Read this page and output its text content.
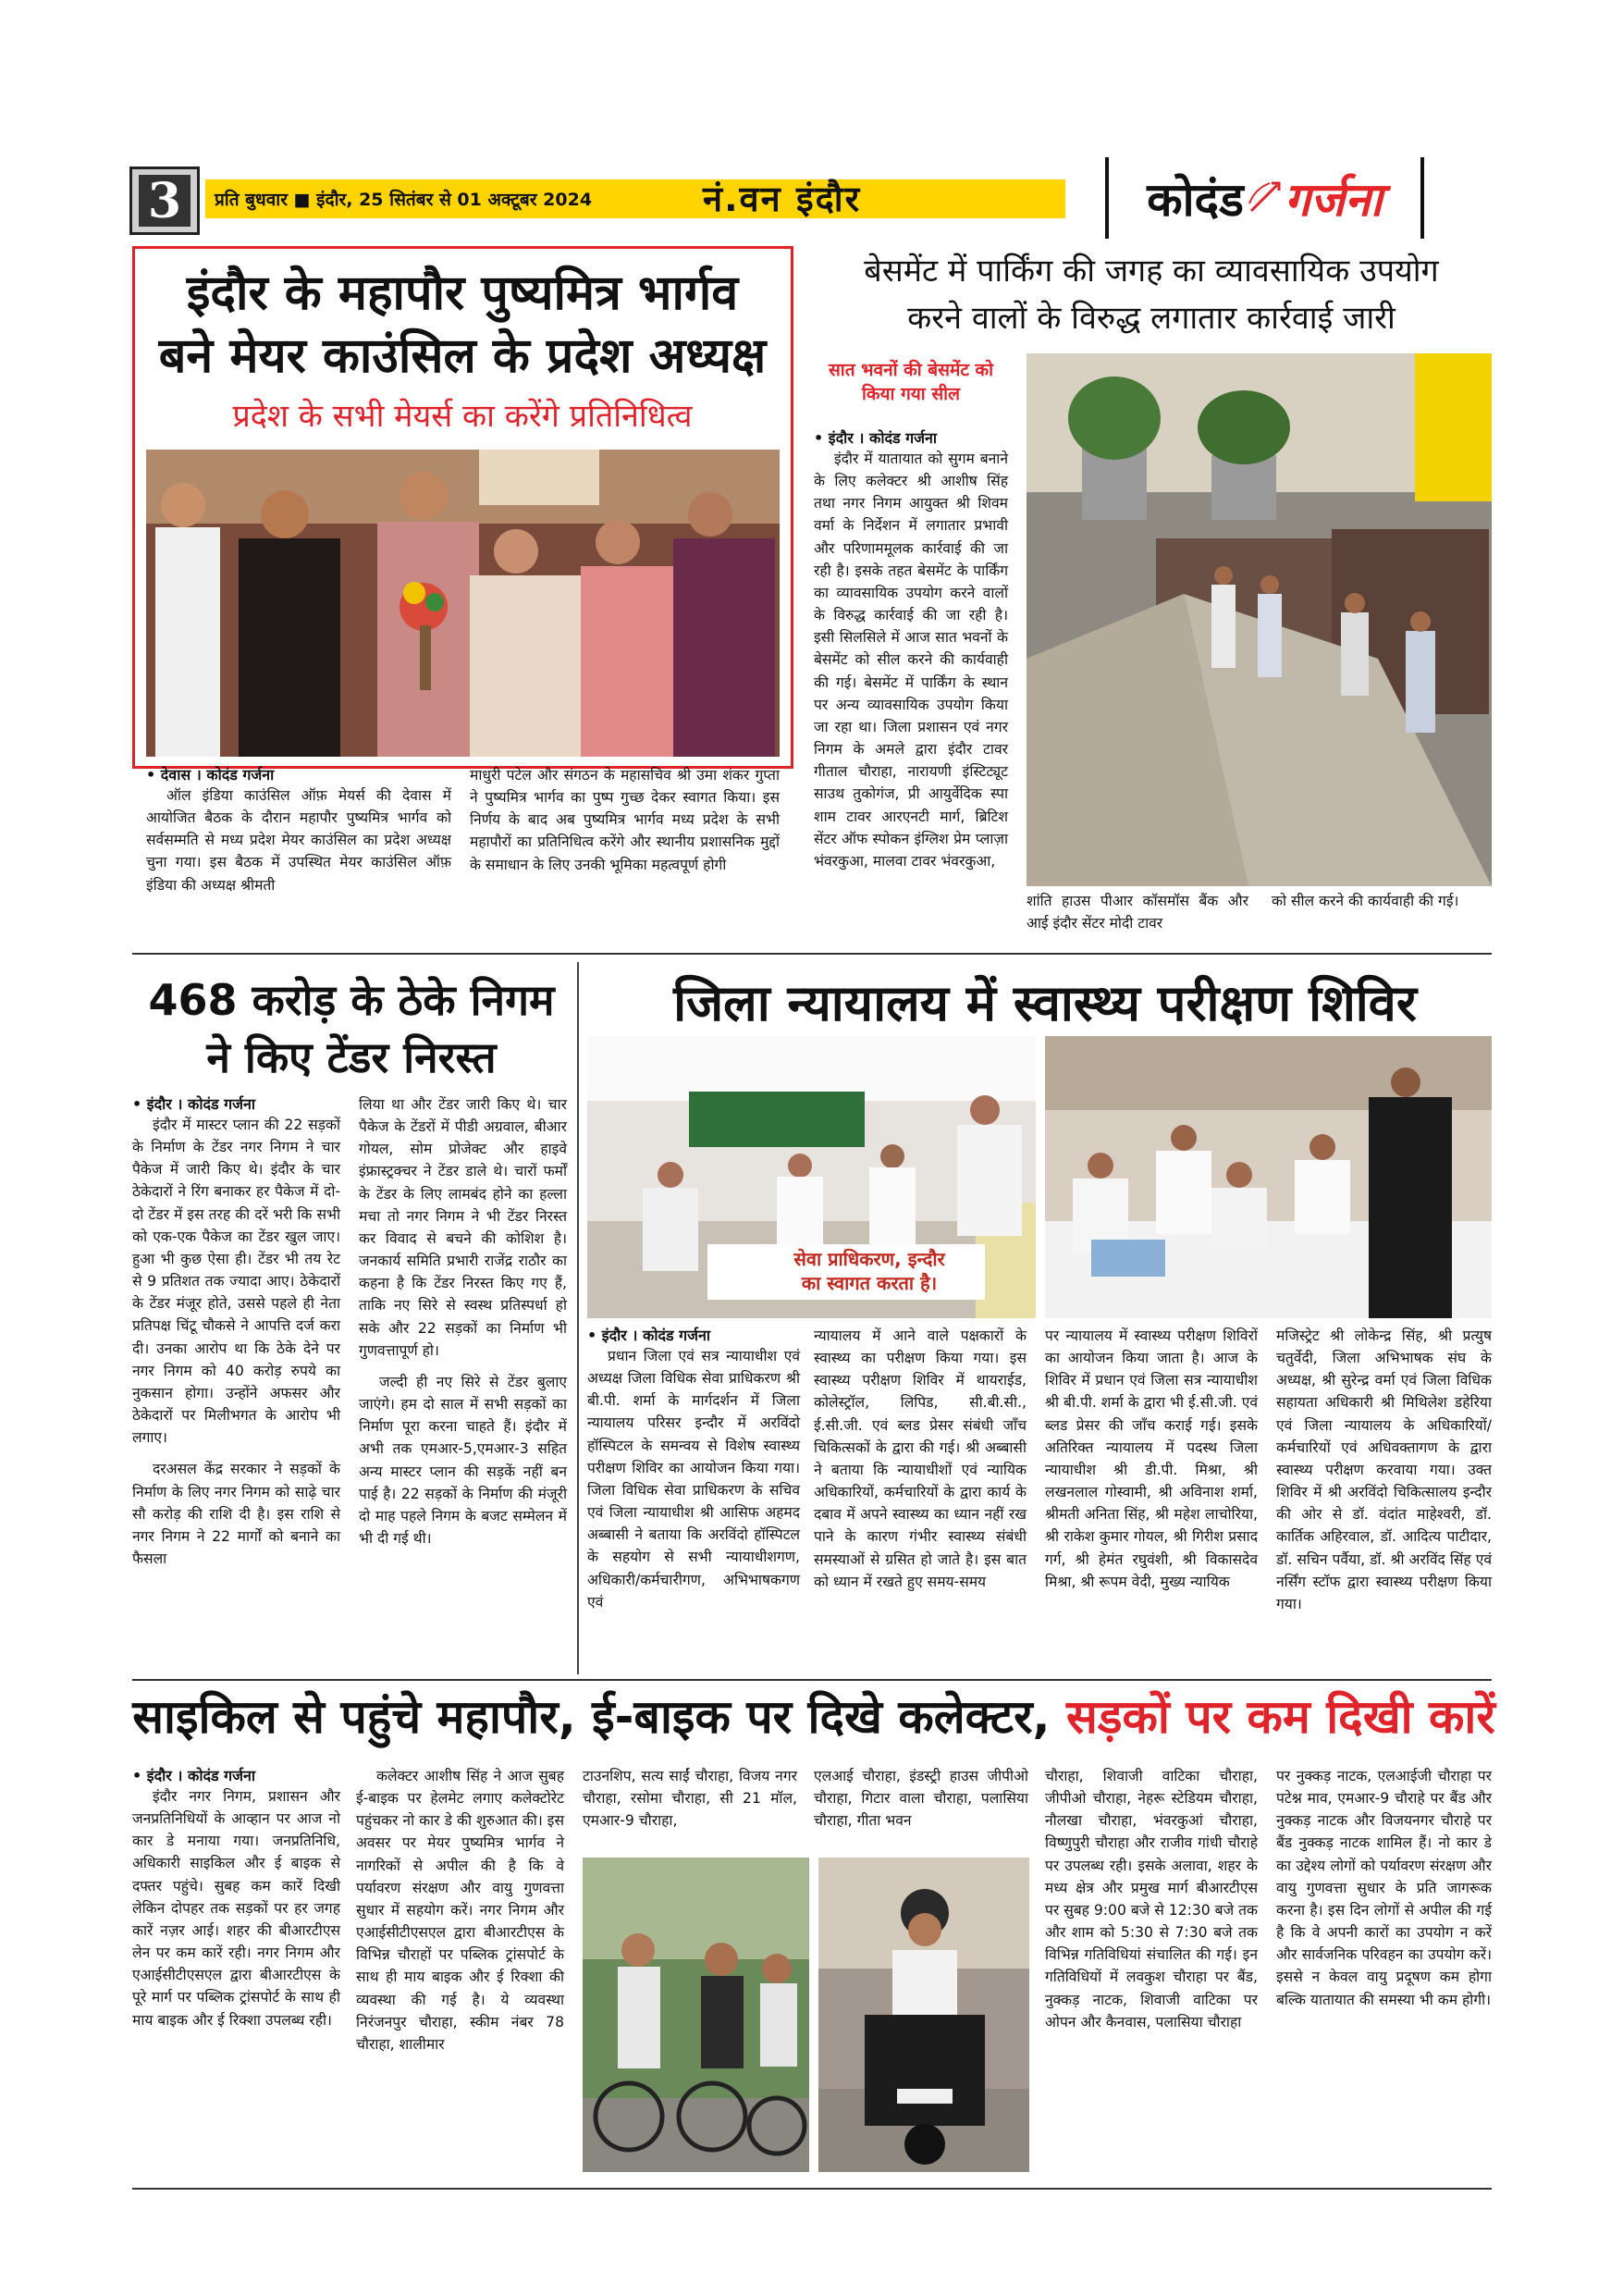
3	प्रति बुधवार ■ इंदौर, 25 सितंबर से 01 अक्टूबर 2024	नं.वन इंदौर	कोदंड गर्जना
इंदौर के महापौर पुष्यमित्र भार्गव
बने मेयर काउंसिल के प्रदेश अध्यक्ष
प्रदेश के सभी मेयर्स का करेंगे प्रतिनिधित्व
• देवास । कोदंड गर्जना

ऑल इंडिया काउंसिल ऑफ़ मेयर्स की देवास में आयोजित बैठक के दौरान महापौर पुष्यमित्र भार्गव को सर्वसम्मति से मध्य प्रदेश मेयर काउंसिल का प्रदेश अध्यक्ष चुना गया। इस बैठक में उपस्थित मेयर काउंसिल ऑफ़ इंडिया की अध्यक्ष श्रीमती

माधुरी पटेल और संगठन के महासचिव श्री उमा शंकर गुप्ता ने पुष्यमित्र भार्गव का पुष्प गुच्छ देकर स्वागत किया। इस निर्णय के बाद अब पुष्यमित्र भार्गव मध्य प्रदेश के सभी महापौरों का प्रतिनिधित्व करेंगे और स्थानीय प्रशासनिक मुद्दों के समाधान के लिए उनकी भूमिका महत्वपूर्ण होगी

बेसमेंट में पार्किंग की जगह का व्यावसायिक उपयोग
करने वालों के विरुद्ध लगातार कार्रवाई जारी
सात भवनों की बेसमेंट को किया गया सील
• इंदौर । कोदंड गर्जना

इंदौर में यातायात को सुगम बनाने के लिए कलेक्टर श्री आशीष सिंह तथा नगर निगम आयुक्त श्री शिवम वर्मा के निर्देशन में लगातार प्रभावी और परिणाममूलक कार्रवाई की जा रही है। इसके तहत बेसमेंट के पार्किंग का व्यावसायिक उपयोग करने वालों के विरुद्ध कार्रवाई की जा रही है। इसी सिलसिले में आज सात भवनों के बेसमेंट को सील करने की कार्यवाही की गई। बेसमेंट में पार्किंग के स्थान पर अन्य व्यावसायिक उपयोग किया जा रहा था। जिला प्रशासन एवं नगर निगम के अमले द्वारा इंदौर टावर गीताल चौराहा, नारायणी इंस्टिट्यूट साउथ तुकोगंज, प्री आयुर्वेदिक स्पा शाम टावर आरएनटी मार्ग, ब्रिटिश सेंटर ऑफ स्पोकन इंग्लिश प्रेम प्लाज़ा भंवरकुआ, मालवा टावर भंवरकुआ,

शांति हाउस पीआर कॉसमॉस बैंक और आई इंदौर सेंटर मोदी टावर

को सील करने की कार्यवाही की गई।

468 करोड़ के ठेके निगम
ने किए टेंडर निरस्त
• इंदौर । कोदंड गर्जना

इंदौर में मास्टर प्लान की 22 सड़कों के निर्माण के टेंडर नगर निगम ने चार पैकेज में जारी किए थे। इंदौर के चार ठेकेदारों ने रिंग बनाकर हर पैकेज में दो-दो टेंडर में इस तरह की दरें भरी कि सभी को एक-एक पैकेज का टेंडर खुल जाए। हुआ भी कुछ ऐसा ही। टेंडर भी तय रेट से 9 प्रतिशत तक ज्यादा आए। ठेकेदारों के टेंडर मंजूर होते, उससे पहले ही नेता प्रतिपक्ष चिंटू चौकसे ने आपत्ति दर्ज करा दी। उनका आरोप था कि ठेके देने पर नगर निगम को 40 करोड़ रुपये का नुकसान होगा। उन्होंने अफसर और ठेकेदारों पर मिलीभगत के आरोप भी लगाए।

दरअसल केंद्र सरकार ने सड़कों के निर्माण के लिए नगर निगम को साढ़े चार सौ करोड़ की राशि दी है। इस राशि से नगर निगम ने 22 मार्गों को बनाने का फैसला

लिया था और टेंडर जारी किए थे। चार पैकेज के टेंडरों में पीडी अग्रवाल, बीआर गोयल, सोम प्रोजेक्ट और हाइवे इंफ्रास्ट्रक्चर ने टेंडर डाले थे। चारों फर्मों के टेंडर के लिए लामबंद होने का हल्ला मचा तो नगर निगम ने भी टेंडर निरस्त कर विवाद से बचने की कोशिश है। जनकार्य समिति प्रभारी राजेंद्र राठौर का कहना है कि टेंडर निरस्त किए गए हैं, ताकि नए सिरे से स्वस्थ प्रतिस्पर्धा हो सके और 22 सड़कों का निर्माण भी गुणवत्तापूर्ण हो।

जल्दी ही नए सिरे से टेंडर बुलाए जाएंगे। हम दो साल में सभी सड़कों का निर्माण पूरा करना चाहते हैं। इंदौर में अभी तक एमआर-5,एमआर-3 सहित अन्य मास्टर प्लान की सड़कें नहीं बन पाई है। 22 सड़कों के निर्माण की मंजूरी दो माह पहले निगम के बजट सम्मेलन में भी दी गई थी।

जिला न्यायालय में स्वास्थ्य परीक्षण शिविर
सेवा प्राधिकरण, इन्दौर
का स्वागत करता है।
• इंदौर । कोदंड गर्जना

प्रधान जिला एवं सत्र न्यायाधीश एवं अध्यक्ष जिला विधिक सेवा प्राधिकरण श्री बी.पी. शर्मा के मार्गदर्शन में जिला न्यायालय परिसर इन्दौर में अरविंदो हॉस्पिटल के समन्वय से विशेष स्वास्थ्य परीक्षण शिविर का आयोजन किया गया। जिला विधिक सेवा प्राधिकरण के सचिव एवं जिला न्यायाधीश श्री आसिफ अहमद अब्बासी ने बताया कि अरविंदो हॉस्पिटल के सहयोग से सभी न्यायाधीशगण, अधिकारी/कर्मचारीगण, अभिभाषकगण एवं

न्यायालय में आने वाले पक्षकारों के स्वास्थ्य का परीक्षण किया गया। इस स्वास्थ्य परीक्षण शिविर में थायराईड, कोलेस्ट्रॉल, लिपिड, सी.बी.सी., ई.सी.जी. एवं ब्लड प्रेसर संबंधी जाँच चिकित्सकों के द्वारा की गई। श्री अब्बासी ने बताया कि न्यायाधीशों एवं न्यायिक अधिकारियों, कर्मचारियों के द्वारा कार्य के दबाव में अपने स्वास्थ्य का ध्यान नहीं रख पाने के कारण गंभीर स्वास्थ्य संबंधी समस्याओं से ग्रसित हो जाते है। इस बात को ध्यान में रखते हुए समय-समय

पर न्यायालय में स्वास्थ्य परीक्षण शिविरों का आयोजन किया जाता है। आज के शिविर में प्रधान एवं जिला सत्र न्यायाधीश श्री बी.पी. शर्मा के द्वारा भी ई.सी.जी. एवं ब्लड प्रेसर की जाँच कराई गई। इसके अतिरिक्त न्यायालय में पदस्थ जिला न्यायाधीश श्री डी.पी. मिश्रा, श्री लखनलाल गोस्वामी, श्री अविनाश शर्मा, श्रीमती अनिता सिंह, श्री महेश लाचोरिया, श्री राकेश कुमार गोयल, श्री गिरीश प्रसाद गर्ग, श्री हेमंत रघुवंशी, श्री विकासदेव मिश्रा, श्री रूपम वेदी, मुख्य न्यायिक

मजिस्ट्रेट श्री लोकेन्द्र सिंह, श्री प्रत्युष चतुर्वेदी, जिला अभिभाषक संघ के अध्यक्ष, श्री सुरेन्द्र वर्मा एवं जिला विधिक सहायता अधिकारी श्री मिथिलेश डहेरिया एवं जिला न्यायालय के अधिकारियों/कर्मचारियों एवं अधिवक्तागण के द्वारा स्वास्थ्य परीक्षण करवाया गया। उक्त शिविर में श्री अरविंदो चिकित्सालय इन्दौर की ओर से डॉ. वंदांत माहेश्वरी, डॉ. कार्तिक अहिरवाल, डॉ. आदित्य पाटीदार, डॉ. सचिन पर्वैया, डॉ. श्री अरविंद सिंह एवं नर्सिंग स्टॉफ द्वारा स्वास्थ्य परीक्षण किया गया।

साइकिल से पहुंचे महापौर, ई-बाइक पर दिखे कलेक्टर, सड़कों पर कम दिखी कारें
• इंदौर । कोदंड गर्जना

इंदौर नगर निगम, प्रशासन और जनप्रतिनिधियों के आव्हान पर आज नो कार डे मनाया गया। जनप्रतिनिधि, अधिकारी साइकिल और ई बाइक से दफ्तर पहुंचे। सुबह कम कारें दिखी लेकिन दोपहर तक सड़कों पर हर जगह कारें नज़र आई। शहर की बीआरटीएस लेन पर कम कारें रही। नगर निगम और एआईसीटीएसएल द्वारा बीआरटीएस के पूरे मार्ग पर पब्लिक ट्रांसपोर्ट के साथ ही माय बाइक और ई रिक्शा उपलब्ध रही।

कलेक्टर आशीष सिंह ने आज सुबह ई-बाइक पर हेलमेट लगाए कलेक्टोरेट पहुंचकर नो कार डे की शुरुआत की। इस अवसर पर मेयर पुष्यमित्र भार्गव ने नागरिकों से अपील की है कि वे पर्यावरण संरक्षण और वायु गुणवत्ता सुधार में सहयोग करें। नगर निगम और एआईसीटीएसएल द्वारा बीआरटीएस के विभिन्न चौराहों पर पब्लिक ट्रांसपोर्ट के साथ ही माय बाइक और ई रिक्शा की व्यवस्था की गई है। ये व्यवस्था निरंजनपुर चौराहा, स्कीम नंबर 78 चौराहा, शालीमार

टाउनशिप, सत्य साईं चौराहा, विजय नगर चौराहा, रसोमा चौराहा, सी 21 मॉल, एमआर-9 चौराहा,

एलआई चौराहा, इंडस्ट्री हाउस जीपीओ चौराहा, गिटार वाला चौराहा, पलासिया चौराहा, गीता भवन

चौराहा, शिवाजी वाटिका चौराहा, जीपीओ चौराहा, नेहरू स्टेडियम चौराहा, नौलखा चौराहा, भंवरकुआं चौराहा, विष्णुपुरी चौराहा और राजीव गांधी चौराहे पर उपलब्ध रही। इसके अलावा, शहर के मध्य क्षेत्र और प्रमुख मार्ग बीआरटीएस पर सुबह 9:00 बजे से 12:30 बजे तक और शाम को 5:30 से 7:30 बजे तक विभिन्न गतिविधियां संचालित की गई। इन गतिविधियों में लवकुश चौराहा पर बैंड, नुक्कड़ नाटक, शिवाजी वाटिका पर ओपन और कैनवास, पलासिया चौराहा

पर नुक्कड़ नाटक, एलआईजी चौराहा पर पटेश्न माव, एमआर-9 चौराहे पर बैंड और नुक्कड़ नाटक और विजयनगर चौराहे पर बैंड नुक्कड़ नाटक शामिल हैं। नो कार डे का उद्देश्य लोगों को पर्यावरण संरक्षण और वायु गुणवत्ता सुधार के प्रति जागरूक करना है। इस दिन लोगों से अपील की गई है कि वे अपनी कारों का उपयोग न करें और सार्वजनिक परिवहन का उपयोग करें। इससे न केवल वायु प्रदूषण कम होगा बल्कि यातायात की समस्या भी कम होगी।
